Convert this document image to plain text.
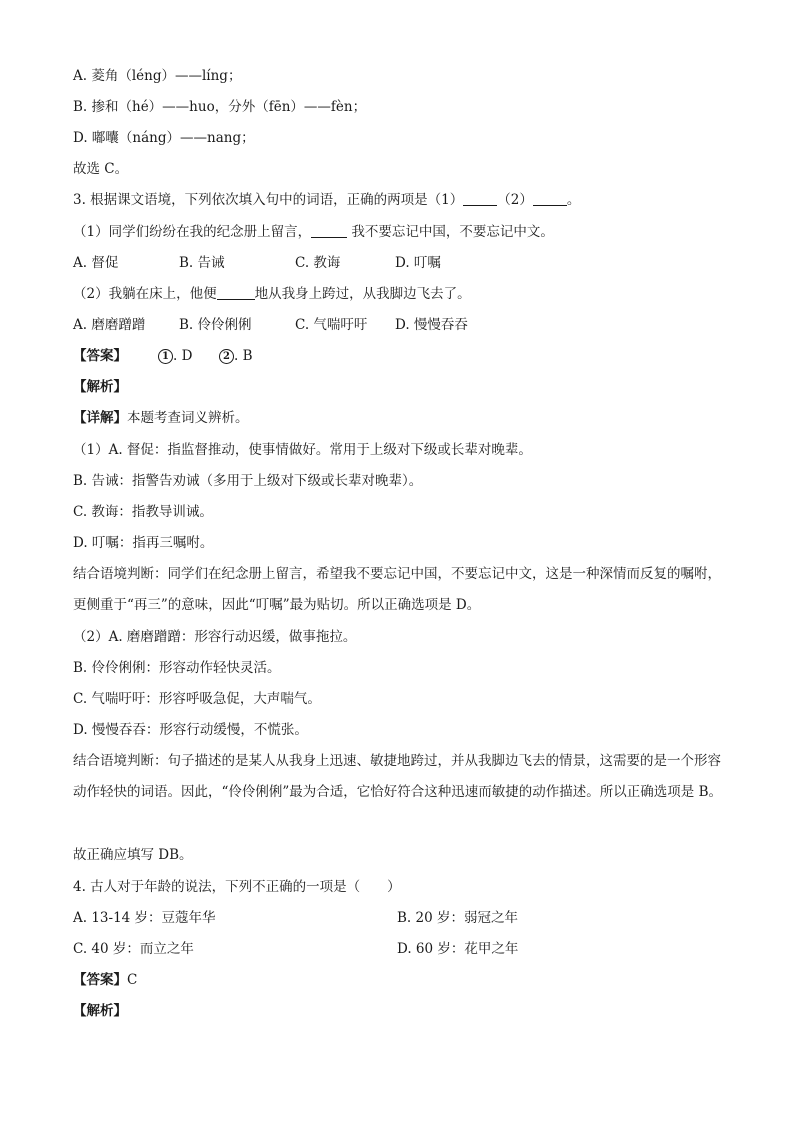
A. 菱角（léng）——líng；
B. 掺和（hé）——huo，分外（fēn）——fèn；
D. 嘟囔（náng）——nang；
故选 C。
3. 根据课文语境，下列依次填入句中的词语，正确的两项是（1）	（2）	。
（1）同学们纷纷在我的纪念册上留言，	我不要忘记中国，不要忘记中文。
A. 督促	B. 告诫	C. 教诲	D. 叮嘱
（2）我躺在床上，他便	地从我身上跨过，从我脚边飞去了。
A. 磨磨蹭蹭 B. 伶伶俐俐	C. 气喘吁吁 D. 慢慢吞吞
【答案】	1 . D	2 . B
【解析】
【详解】本题考查词义辨析。
（1）A. 督促：指监督推动，使事情做好。常用于上级对下级或长辈对晚辈。
B. 告诫：指警告劝诫（多用于上级对下级或长辈对晚辈）。
C. 教诲：指教导训诫。
D. 叮嘱：指再三嘱咐。
结合语境判断：同学们在纪念册上留言，希望我不要忘记中国，不要忘记中文，这是一种深情而反复的嘱咐，更侧重于“再三”的意味，因此“叮嘱”最为贴切。所以正确选项是 D。
（2）A. 磨磨蹭蹭：形容行动迟缓，做事拖拉。
B. 伶伶俐俐：形容动作轻快灵活。
C. 气喘吁吁：形容呼吸急促，大声喘气。
D. 慢慢吞吞：形容行动缓慢，不慌张。
结合语境判断：句子描述的是某人从我身上迅速、敏捷地跨过，并从我脚边飞去的情景，这需要的是一个形容动作轻快的词语。因此，“伶伶俐俐”最为合适，它恰好符合这种迅速而敏捷的动作描述。所以正确选项是 B。
故正确应填写 DB。
4. 古人对于年龄的说法，下列不正确的一项是（　　）
A. 13-14 岁：豆蔻年华	B. 20 岁：弱冠之年
C. 40 岁：而立之年	D. 60 岁：花甲之年
【答案】C
【解析】
